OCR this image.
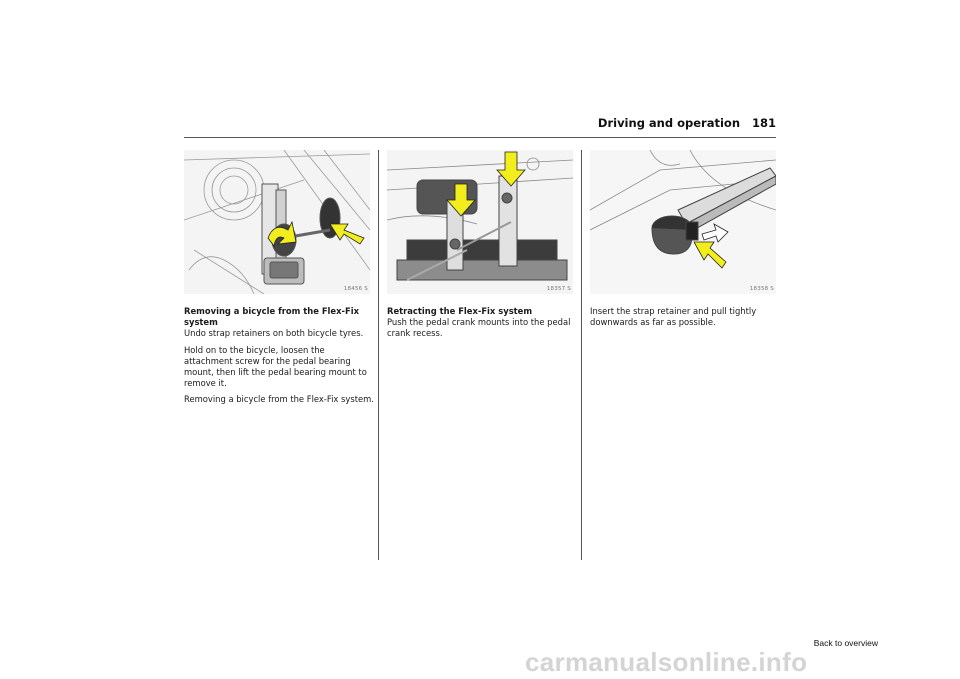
Driving and operation 181
18456 S	18357 S	18358 S

Removing a bicycle from the Flex-Fix system

Undo strap retainers on both bicycle tyres.

Hold on to the bicycle, loosen the attachment screw for the pedal bearing mount, then lift the pedal bearing mount to remove it.

Removing a bicycle from the Flex-Fix system.

Retracting the Flex-Fix system

Push the pedal crank mounts into the pedal crank recess.

Insert the strap retainer and pull tightly downwards as far as possible.

Back to overview
carmanualsonline.info
